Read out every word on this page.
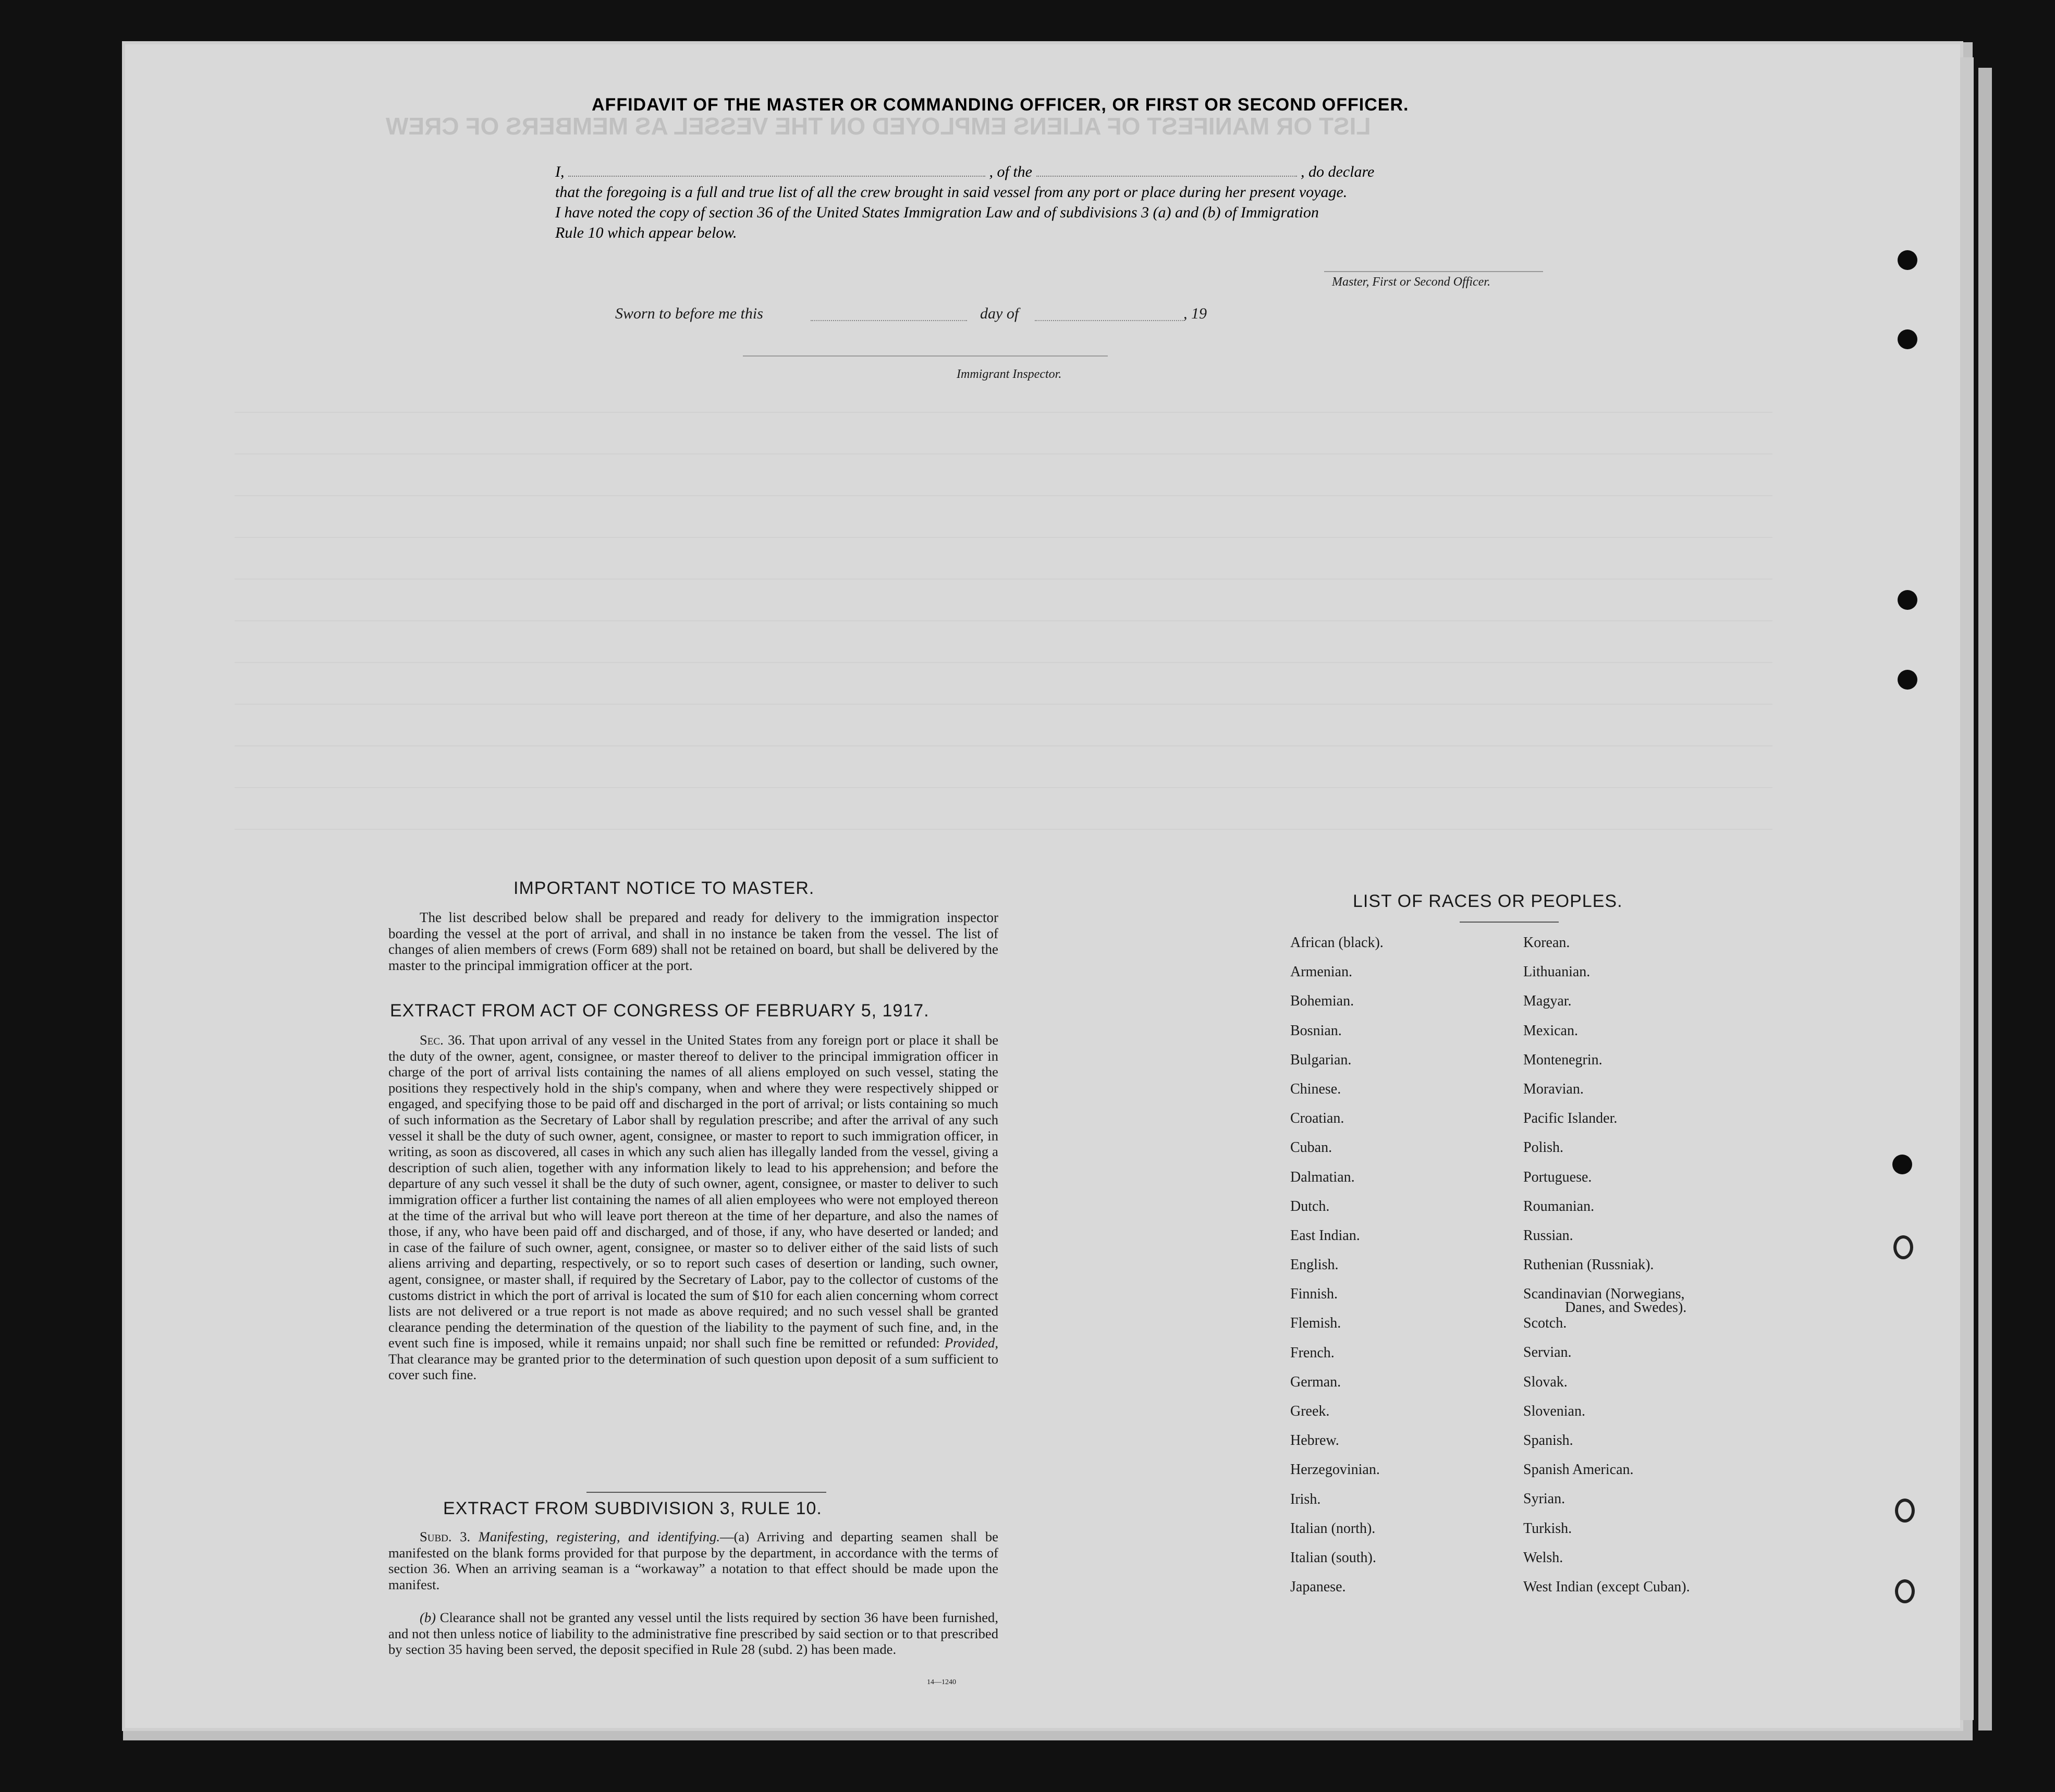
LIST OR MANIFEST OF ALIENS EMPLOYED ON THE VESSEL AS MEMBERS OF CREW
AFFIDAVIT OF THE MASTER OR COMMANDING OFFICER, OR FIRST OR SECOND OFFICER.
I,	, of the	, do declare
that the foregoing is a full and true list of all the crew brought in said vessel from any port or place during her present voyage.
I have noted the copy of section 36 of the United States Immigration Law and of subdivisions 3 (a) and (b) of Immigration
Rule 10 which appear below.
Master, First or Second Officer.
Sworn to before me this	day of	, 19
Immigrant Inspector.
IMPORTANT NOTICE TO MASTER.
The list described below shall be prepared and ready for delivery to the immigration inspector boarding the vessel at the port of arrival, and shall in no instance be taken from the vessel. The list of changes of alien members of crews (Form 689) shall not be retained on board, but shall be delivered by the master to the principal immigration officer at the port.
EXTRACT FROM ACT OF CONGRESS OF FEBRUARY 5, 1917.
Sec. 36. That upon arrival of any vessel in the United States from any foreign port or place it shall be the duty of the owner, agent, consignee, or master thereof to deliver to the principal immigration officer in charge of the port of arrival lists containing the names of all aliens employed on such vessel, stating the positions they respectively hold in the ship's company, when and where they were respectively shipped or engaged, and specifying those to be paid off and discharged in the port of arrival; or lists containing so much of such information as the Secretary of Labor shall by regulation prescribe; and after the arrival of any such vessel it shall be the duty of such owner, agent, consignee, or master to report to such immigration officer, in writing, as soon as discovered, all cases in which any such alien has illegally landed from the vessel, giving a description of such alien, together with any information likely to lead to his apprehension; and before the departure of any such vessel it shall be the duty of such owner, agent, consignee, or master to deliver to such immigration officer a further list containing the names of all alien employees who were not employed thereon at the time of the arrival but who will leave port thereon at the time of her departure, and also the names of those, if any, who have been paid off and discharged, and of those, if any, who have deserted or landed; and in case of the failure of such owner, agent, consignee, or master so to deliver either of the said lists of such aliens arriving and departing, respectively, or so to report such cases of desertion or landing, such owner, agent, consignee, or master shall, if required by the Secretary of Labor, pay to the collector of customs of the customs district in which the port of arrival is located the sum of $10 for each alien concerning whom correct lists are not delivered or a true report is not made as above required; and no such vessel shall be granted clearance pending the determination of the question of the liability to the payment of such fine, and, in the event such fine is imposed, while it remains unpaid; nor shall such fine be remitted or refunded: Provided, That clearance may be granted prior to the determination of such question upon deposit of a sum sufficient to cover such fine.
EXTRACT FROM SUBDIVISION 3, RULE 10.
Subd. 3. Manifesting, registering, and identifying.—(a) Arriving and departing seamen shall be manifested on the blank forms provided for that purpose by the department, in accordance with the terms of section 36. When an arriving seaman is a “workaway” a notation to that effect should be made upon the manifest.
(b) Clearance shall not be granted any vessel until the lists required by section 36 have been furnished, and not then unless notice of liability to the administrative fine prescribed by said section or to that prescribed by section 35 having been served, the deposit specified in Rule 28 (subd. 2) has been made.
14—1240
LIST OF RACES OR PEOPLES.
African (black).
Armenian.
Bohemian.
Bosnian.
Bulgarian.
Chinese.
Croatian.
Cuban.
Dalmatian.
Dutch.
East Indian.
English.
Finnish.
Flemish.
French.
German.
Greek.
Hebrew.
Herzegovinian.
Irish.
Italian (north).
Italian (south).
Japanese.
Korean.
Lithuanian.
Magyar.
Mexican.
Montenegrin.
Moravian.
Pacific Islander.
Polish.
Portuguese.
Roumanian.
Russian.
Ruthenian (Russniak).
Scandinavian (Norwegians,
Danes, and Swedes).
Scotch.
Servian.
Slovak.
Slovenian.
Spanish.
Spanish American.
Syrian.
Turkish.
Welsh.
West Indian (except Cuban).
